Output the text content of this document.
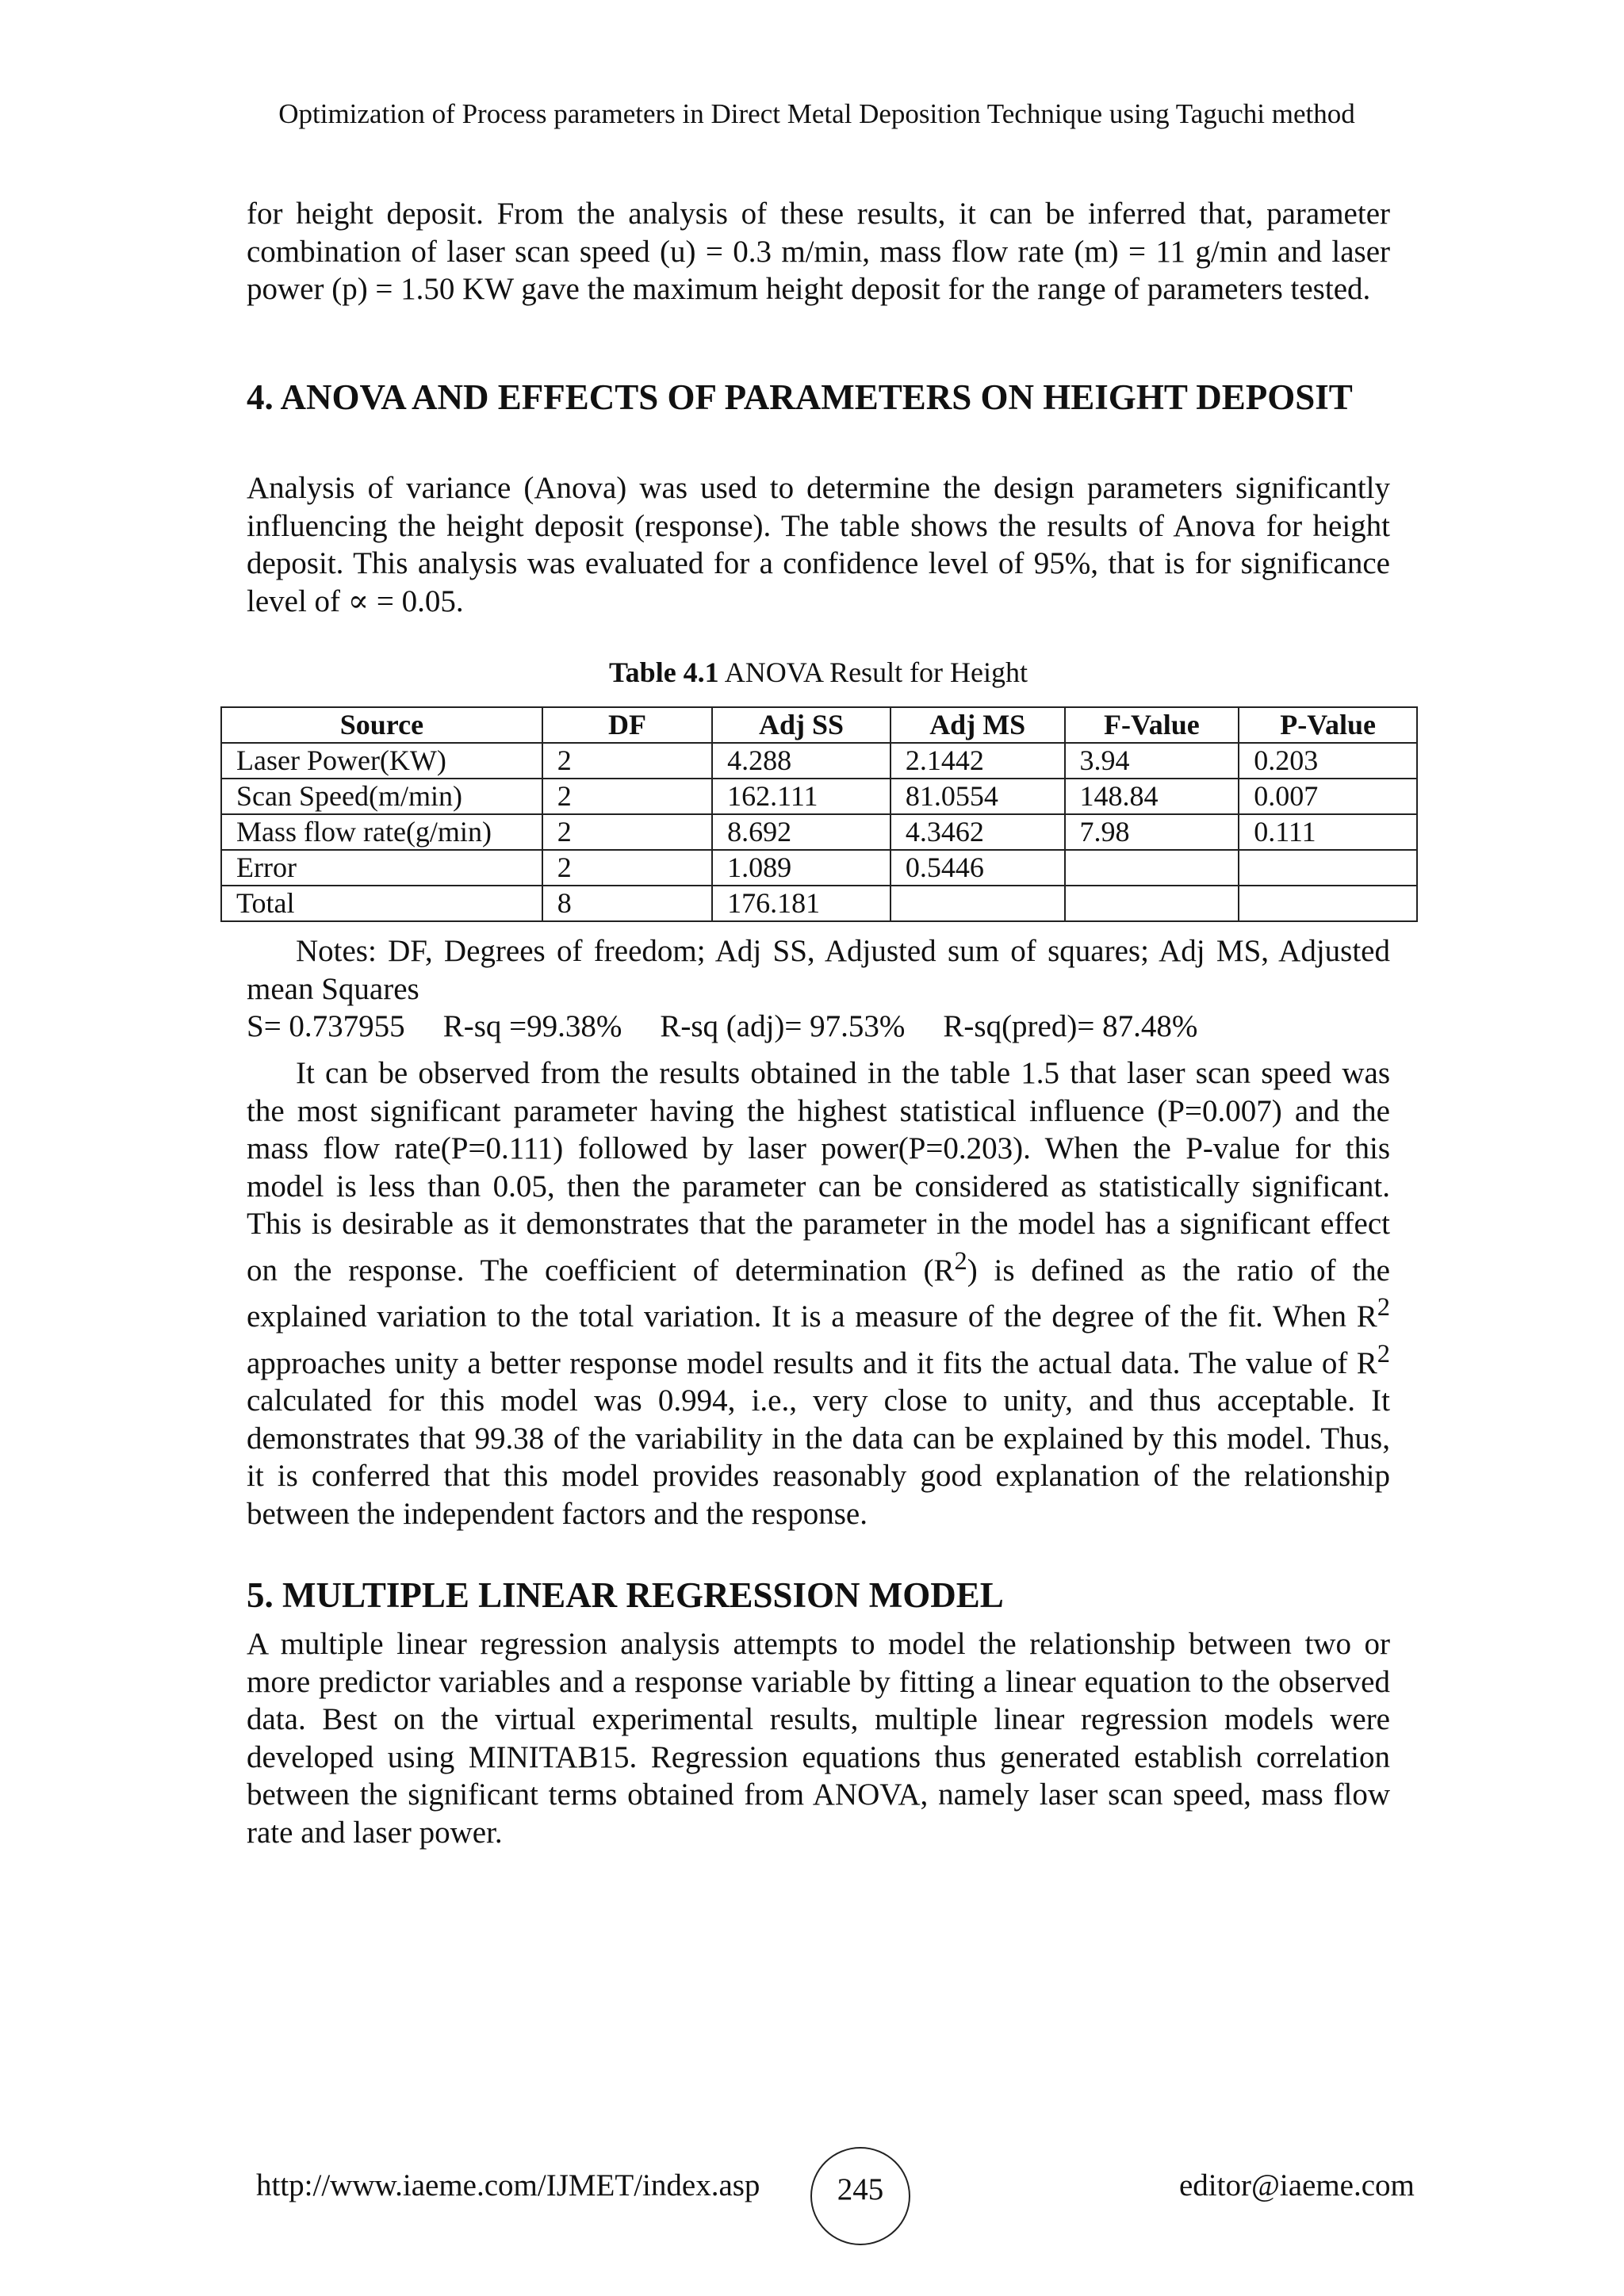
Optimization of Process parameters in Direct Metal Deposition Technique using Taguchi method

for height deposit. From the analysis of these results, it can be inferred that, parameter combination of laser scan speed (u) = 0.3 m/min, mass flow rate (m) = 11 g/min and laser power (p) = 1.50 KW gave the maximum height deposit for the range of parameters tested.

4. ANOVA AND EFFECTS OF PARAMETERS ON HEIGHT DEPOSIT

Analysis of variance (Anova) was used to determine the design parameters significantly influencing the height deposit (response). The table shows the results of Anova for height deposit. This analysis was evaluated for a confidence level of 95%, that is for significance level of ∝ = 0.05.

Table 4.1 ANOVA Result for Height
Source	DF	Adj SS	Adj MS	F-Value	P-Value
Laser Power(KW)	2	4.288	2.1442	3.94	0.203
Scan Speed(m/min)	2	162.111	81.0554	148.84	0.007
Mass flow rate(g/min)	2	8.692	4.3462	7.98	0.111
Error	2	1.089	0.5446		
Total	8	176.181			

Notes: DF, Degrees of freedom; Adj SS, Adjusted sum of squares; Adj MS, Adjusted mean Squares

S= 0.737955 R-sq =99.38% R-sq (adj)= 97.53% R-sq(pred)= 87.48%

It can be observed from the results obtained in the table 1.5 that laser scan speed was the most significant parameter having the highest statistical influence (P=0.007) and the mass flow rate(P=0.111) followed by laser power(P=0.203). When the P-value for this model is less than 0.05, then the parameter can be considered as statistically significant. This is desirable as it demonstrates that the parameter in the model has a significant effect on the response. The coefficient of determination $(R^2)$ is defined as the ratio of the explained variation to the total variation. It is a measure of the degree of the fit. When $R^2$ approaches unity a better response model results and it fits the actual data. The value of $R^2$ calculated for this model was 0.994, i.e., very close to unity, and thus acceptable. It demonstrates that 99.38 of the variability in the data can be explained by this model. Thus, it is conferred that this model provides reasonably good explanation of the relationship between the independent factors and the response.

5. MULTIPLE LINEAR REGRESSION MODEL

A multiple linear regression analysis attempts to model the relationship between two or more predictor variables and a response variable by fitting a linear equation to the observed data. Best on the virtual experimental results, multiple linear regression models were developed using MINITAB15. Regression equations thus generated establish correlation between the significant terms obtained from ANOVA, namely laser scan speed, mass flow rate and laser power.

http://www.iaeme.com/IJMET/index.asp	245	editor@iaeme.com
